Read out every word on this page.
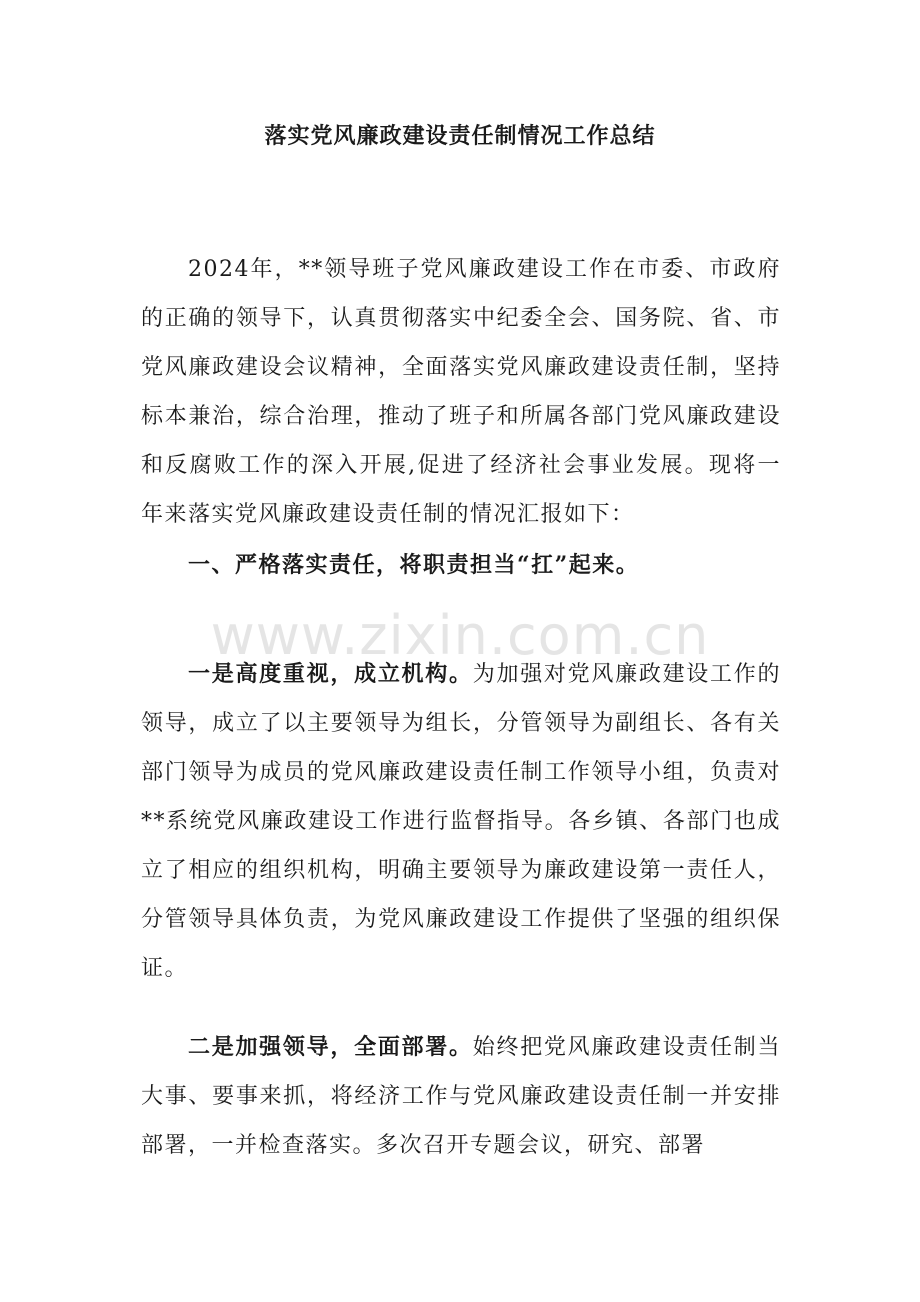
落实党风廉政建设责任制情况工作总结

2024年，**领导班子党风廉政建设工作在市委、市政府的正确的领导下，认真贯彻落实中纪委全会、国务院、省、市党风廉政建设会议精神，全面落实党风廉政建设责任制，坚持标本兼治，综合治理，推动了班子和所属各部门党风廉政建设和反腐败工作的深入开展,促进了经济社会事业发展。现将一年来落实党风廉政建设责任制的情况汇报如下：

一、严格落实责任，将职责担当“扛”起来。

www.zixin.com.cn

一是高度重视，成立机构。为加强对党风廉政建设工作的领导，成立了以主要领导为组长，分管领导为副组长、各有关部门领导为成员的党风廉政建设责任制工作领导小组，负责对**系统党风廉政建设工作进行监督指导。各乡镇、各部门也成立了相应的组织机构，明确主要领导为廉政建设第一责任人，分管领导具体负责，为党风廉政建设工作提供了坚强的组织保证。

二是加强领导，全面部署。始终把党风廉政建设责任制当大事、要事来抓，将经济工作与党风廉政建设责任制一并安排部署，一并检查落实。多次召开专题会议，研究、部署
